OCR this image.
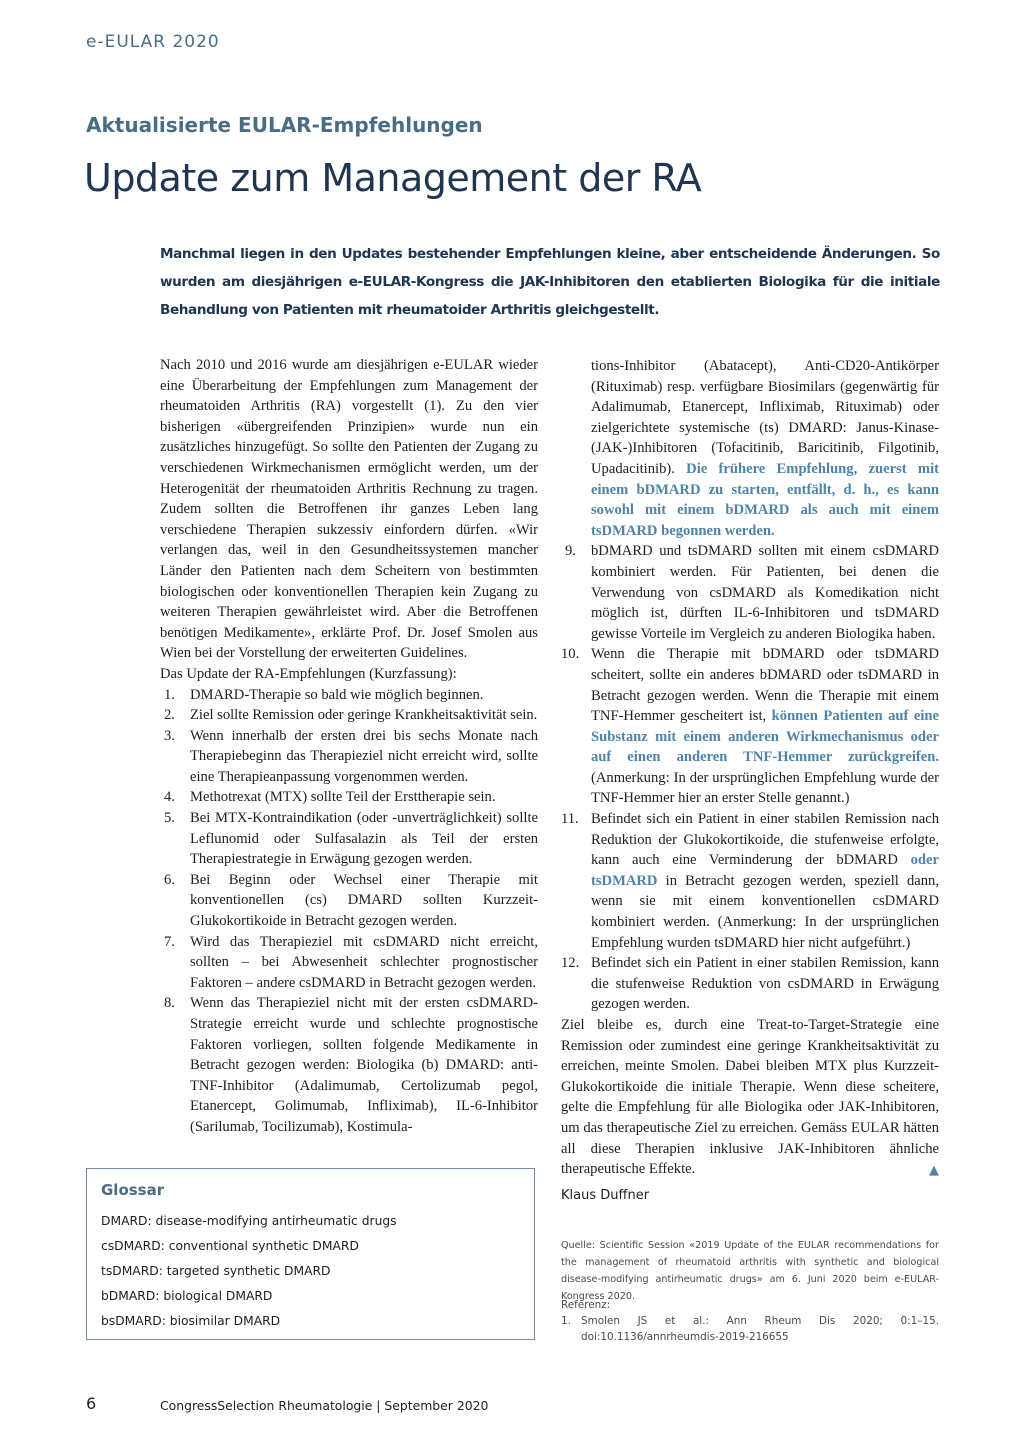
e-EULAR 2020
Aktualisierte EULAR-Empfehlungen
Update zum Management der RA
Manchmal liegen in den Updates bestehender Empfehlungen kleine, aber entscheidende Änderungen. So wurden am diesjährigen e-EULAR-Kongress die JAK-Inhibitoren den etablierten Biologika für die initiale Behandlung von Patienten mit rheumatoider Arthritis gleichgestellt.

Nach 2010 und 2016 wurde am diesjährigen e-EULAR wieder eine Überarbeitung der Empfehlungen zum Management der rheumatoiden Arthritis (RA) vorgestellt (1). Zu den vier bisherigen «übergreifenden Prinzipien» wurde nun ein zusätzliches hinzugefügt. So sollte den Patienten der Zugang zu verschiedenen Wirkmechanismen ermöglicht werden, um der Heterogenität der rheumatoiden Arthritis Rechnung zu tragen. Zudem sollten die Betroffenen ihr ganzes Leben lang verschiedene Therapien sukzessiv einfordern dürfen. «Wir verlangen das, weil in den Gesundheitssystemen mancher Länder den Patienten nach dem Scheitern von bestimmten biologischen oder konventionellen Therapien kein Zugang zu weiteren Therapien gewährleistet wird. Aber die Betroffenen benötigen Medikamente», erklärte Prof. Dr. Josef Smolen aus Wien bei der Vorstellung der erweiterten Guidelines.

Das Update der RA-Empfehlungen (Kurzfassung):

1. DMARD-Therapie so bald wie möglich beginnen.
2. Ziel sollte Remission oder geringe Krankheitsaktivität sein.
3. Wenn innerhalb der ersten drei bis sechs Monate nach Therapiebeginn das Therapieziel nicht erreicht wird, sollte eine Therapieanpassung vorgenommen werden.
4. Methotrexat (MTX) sollte Teil der Ersttherapie sein.
5. Bei MTX-Kontraindikation (oder -unverträglichkeit) sollte Leflunomid oder Sulfasalazin als Teil der ersten Therapiestrategie in Erwägung gezogen werden.
6. Bei Beginn oder Wechsel einer Therapie mit konventionellen (cs) DMARD sollten Kurzzeit-Glukokortikoide in Betracht gezogen werden.
7. Wird das Therapieziel mit csDMARD nicht erreicht, sollten – bei Abwesenheit schlechter prognostischer Faktoren – andere csDMARD in Betracht gezogen werden.
8. Wenn das Therapieziel nicht mit der ersten csDMARD-Strategie erreicht wurde und schlechte prognostische Faktoren vorliegen, sollten folgende Medikamente in Betracht gezogen werden: Biologika (b) DMARD: anti-TNF-Inhibitor (Adalimumab, Certolizumab pegol, Etanercept, Golimumab, Infliximab), IL-6-Inhibitor (Sarilumab, Tocilizumab), Kostimula-
tions-Inhibitor (Abatacept), Anti-CD20-Antikörper (Rituximab) resp. verfügbare Biosimilars (gegenwärtig für Adalimumab, Etanercept, Infliximab, Rituximab) oder zielgerichtete systemische (ts) DMARD: Janus-Kinase-(JAK-)Inhibitoren (Tofacitinib, Baricitinib, Filgotinib, Upadacitinib). Die frühere Empfehlung, zuerst mit einem bDMARD zu starten, entfällt, d. h., es kann sowohl mit einem bDMARD als auch mit einem tsDMARD begonnen werden.
9. bDMARD und tsDMARD sollten mit einem csDMARD kombiniert werden. Für Patienten, bei denen die Verwendung von csDMARD als Komedikation nicht möglich ist, dürften IL-6-Inhibitoren und tsDMARD gewisse Vorteile im Vergleich zu anderen Biologika haben.
10. Wenn die Therapie mit bDMARD oder tsDMARD scheitert, sollte ein anderes bDMARD oder tsDMARD in Betracht gezogen werden. Wenn die Therapie mit einem TNF-Hemmer gescheitert ist, können Patienten auf eine Substanz mit einem anderen Wirkmechanismus oder auf einen anderen TNF-Hemmer zurückgreifen. (Anmerkung: In der ursprünglichen Empfehlung wurde der TNF-Hemmer hier an erster Stelle genannt.)
11. Befindet sich ein Patient in einer stabilen Remission nach Reduktion der Glukokortikoide, die stufenweise erfolgte, kann auch eine Verminderung der bDMARD oder tsDMARD in Betracht gezogen werden, speziell dann, wenn sie mit einem konventionellen csDMARD kombiniert werden. (Anmerkung: In der ursprünglichen Empfehlung wurden tsDMARD hier nicht aufgeführt.)
12. Befindet sich ein Patient in einer stabilen Remission, kann die stufenweise Reduktion von csDMARD in Erwägung gezogen werden.

Ziel bleibe es, durch eine Treat-to-Target-Strategie eine Remission oder zumindest eine geringe Krankheitsaktivität zu erreichen, meinte Smolen. Dabei bleiben MTX plus Kurzzeit-Glukokortikoide die initiale Therapie. Wenn diese scheitere, gelte die Empfehlung für alle Biologika oder JAK-Inhibitoren, um das therapeutische Ziel zu erreichen. Gemäss EULAR hätten all diese Therapien inklusive JAK-Inhibitoren ähnliche therapeutische Effekte.	▲

Klaus Duffner
Quelle: Scientific Session «2019 Update of the EULAR recommendations for the management of rheumatoid arthritis with synthetic and biological disease-modifying antirheumatic drugs» am 6. Juni 2020 beim e-EULAR-Kongress 2020.
Referenz:
1. Smolen JS et al.: Ann Rheum Dis 2020; 0:1–15. doi:10.1136/annrheumdis-2019-216655
Glossar
DMARD: disease-modifying antirheumatic drugs
csDMARD: conventional synthetic DMARD
tsDMARD: targeted synthetic DMARD
bDMARD: biological DMARD
bsDMARD: biosimilar DMARD
6	CongressSelection Rheumatologie | September 2020
